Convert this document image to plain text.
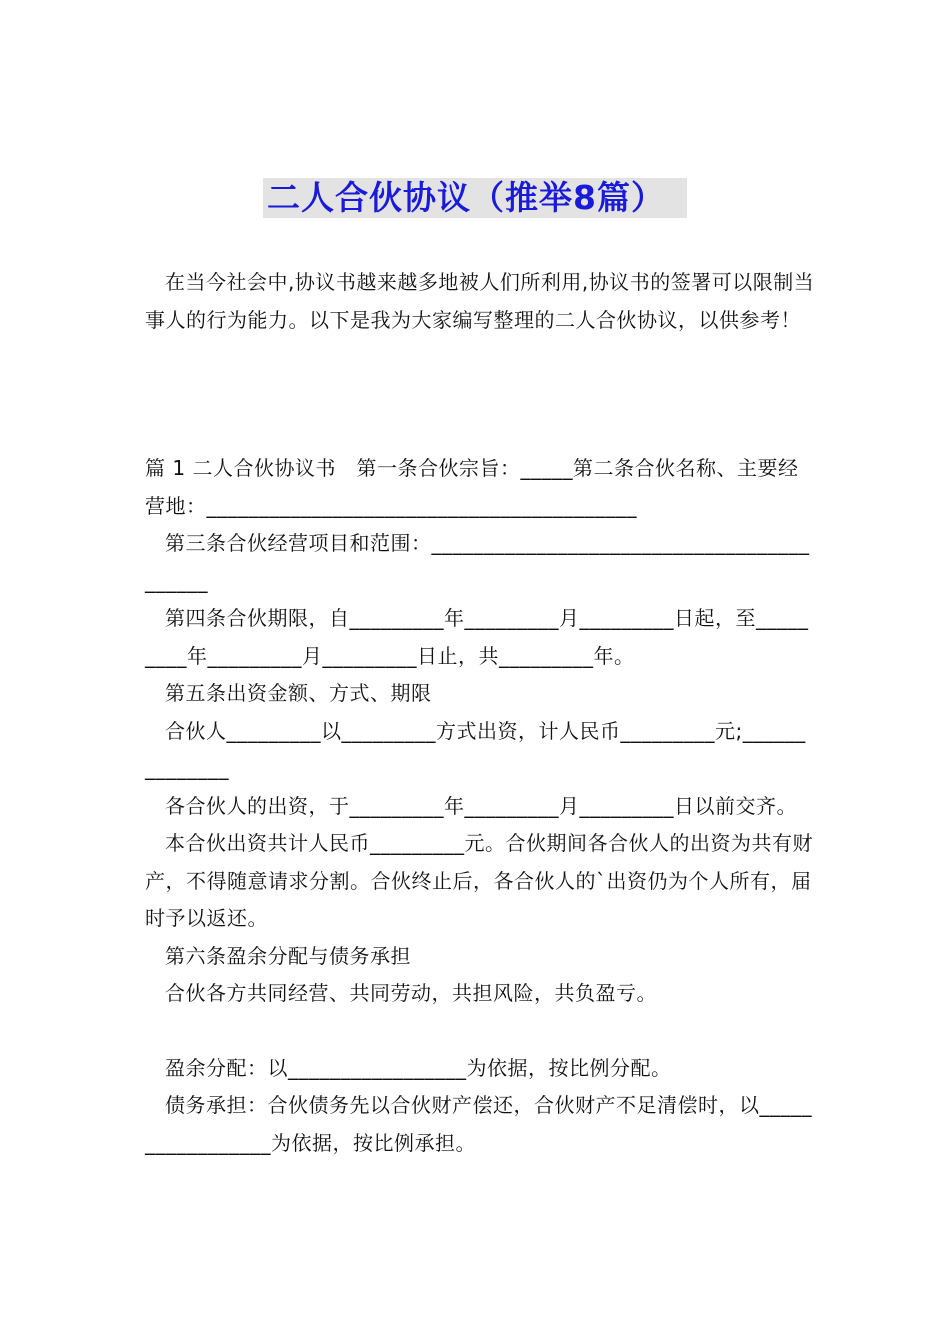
二人合伙协议（推举8篇）

在当今社会中,协议书越来越多地被人们所利用,协议书的签署可以限制当事人的行为能力。以下是我为大家编写整理的二人合伙协议，以供参考！

篇 1 二人合伙协议书　第一条合伙宗旨：_____第二条合伙名称、主要经营地：_________________________________________

第三条合伙经营项目和范围：__________________________________________

第四条合伙期限，自_________年_________月_________日起，至_________年_________月_________日止，共_________年。

第五条出资金额、方式、期限

合伙人_________以_________方式出资，计人民币_________元;______________

各合伙人的出资，于_________年_________月_________日以前交齐。

本合伙出资共计人民币_________元。合伙期间各合伙人的出资为共有财产，不得随意请求分割。合伙终止后，各合伙人的`出资仍为个人所有，届时予以返还。

第六条盈余分配与债务承担

合伙各方共同经营、共同劳动，共担风险，共负盈亏。

盈余分配：以_________________为依据，按比例分配。

债务承担：合伙债务先以合伙财产偿还，合伙财产不足清偿时，以_________________为依据，按比例承担。
